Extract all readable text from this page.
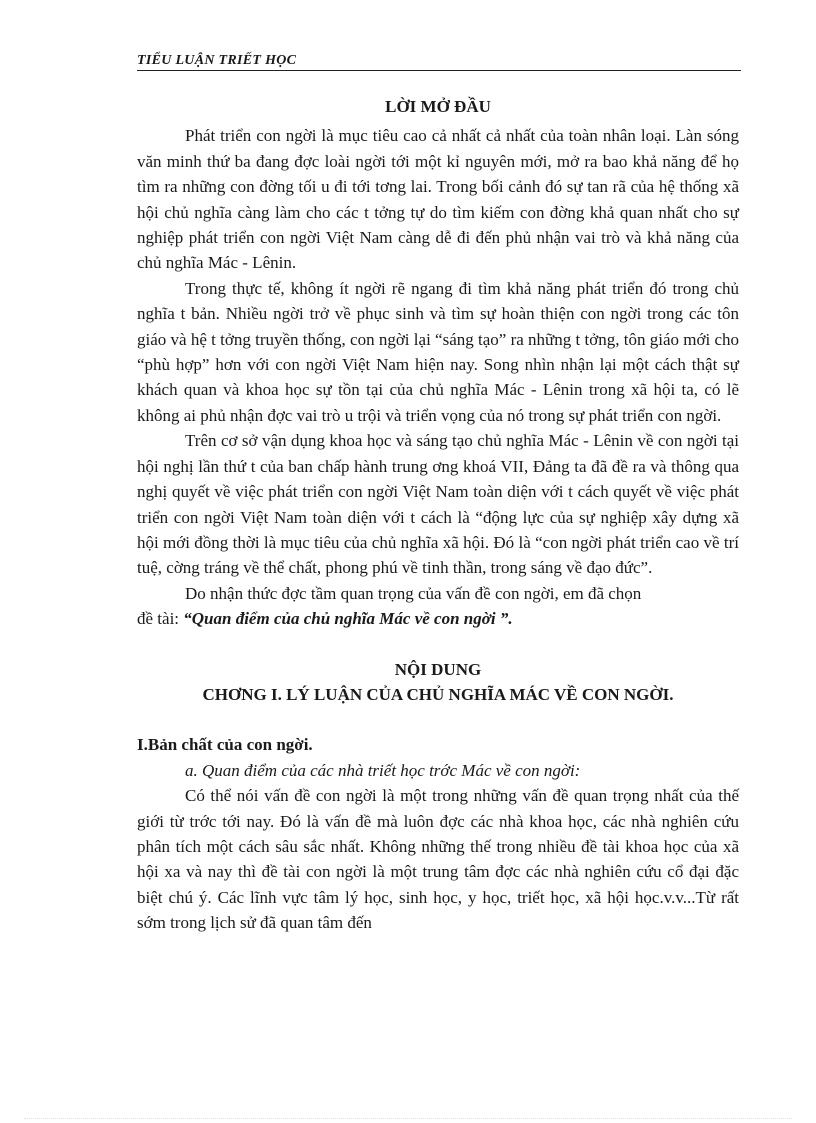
TIỂU LUẬN TRIẾT HỌC
LỜI MỞ ĐẦU

Phát triển con ngời là mục tiêu cao cả nhất cả nhất của toàn nhân loại. Làn sóng văn minh thứ ba đang đợc loài ngời tới một kỉ nguyên mới, mở ra bao khả năng để họ tìm ra những con đờng tối u đi tới tơng lai. Trong bối cảnh đó sự tan rã của hệ thống xã hội chủ nghĩa càng làm cho các t tởng tự do tìm kiếm con đờng khả quan nhất cho sự nghiệp phát triển con ngời Việt Nam càng dễ đi đến phủ nhận vai trò và khả năng của chủ nghĩa Mác - Lênin.

Trong thực tế, không ít ngời rẽ ngang đi tìm khả năng phát triển đó trong chủ nghĩa t bản. Nhiều ngời trở về phục sinh và tìm sự hoàn thiện con ngời trong các tôn giáo và hệ t tởng truyền thống, con ngời lại “sáng tạo” ra những t tởng, tôn giáo mới cho “phù hợp” hơn với con ngời Việt Nam hiện nay. Song nhìn nhận lại một cách thật sự khách quan và khoa học sự tồn tại của chủ nghĩa Mác - Lênin trong xã hội ta, có lẽ không ai phủ nhận đợc vai trò u trội và triển vọng của nó trong sự phát triển con ngời.

Trên cơ sở vận dụng khoa học và sáng tạo chủ nghĩa Mác - Lênin về con ngời tại hội nghị lần thứ t của ban chấp hành trung ơng khoá VII, Đảng ta đã đề ra và thông qua nghị quyết về việc phát triển con ngời Việt Nam toàn diện với t cách quyết về việc phát triển con ngời Việt Nam toàn diện với t cách là “động lực của sự nghiệp xây dựng xã hội mới đồng thời là mục tiêu của chủ nghĩa xã hội. Đó là “con ngời phát triển cao về trí tuệ, cờng tráng về thể chất, phong phú về tinh thần, trong sáng về đạo đức”.

Do nhận thức đợc tầm quan trọng của vấn đề con ngời, em đã chọn

đề tài: “Quan điểm của chủ nghĩa Mác về con ngời ”.

NỘI DUNG
CHƠNG I. LÝ LUẬN CỦA CHỦ NGHĨA MÁC VỀ CON NGỜI.
I.Bản chất của con ngời.
a. Quan điểm của các nhà triết học trớc Mác về con ngời:

Có thể nói vấn đề con ngời là một trong những vấn đề quan trọng nhất của thế giới từ trớc tới nay. Đó là vấn đề mà luôn đợc các nhà khoa học, các nhà nghiên cứu phân tích một cách sâu sắc nhất. Không những thế trong nhiều đề tài khoa học của xã hội xa và nay thì đề tài con ngời là một trung tâm đợc các nhà nghiên cứu cổ đại đặc biệt chú ý. Các lĩnh vực tâm lý học, sinh học, y học, triết học, xã hội học.v.v...Từ rất sớm trong lịch sử đã quan tâm đến
